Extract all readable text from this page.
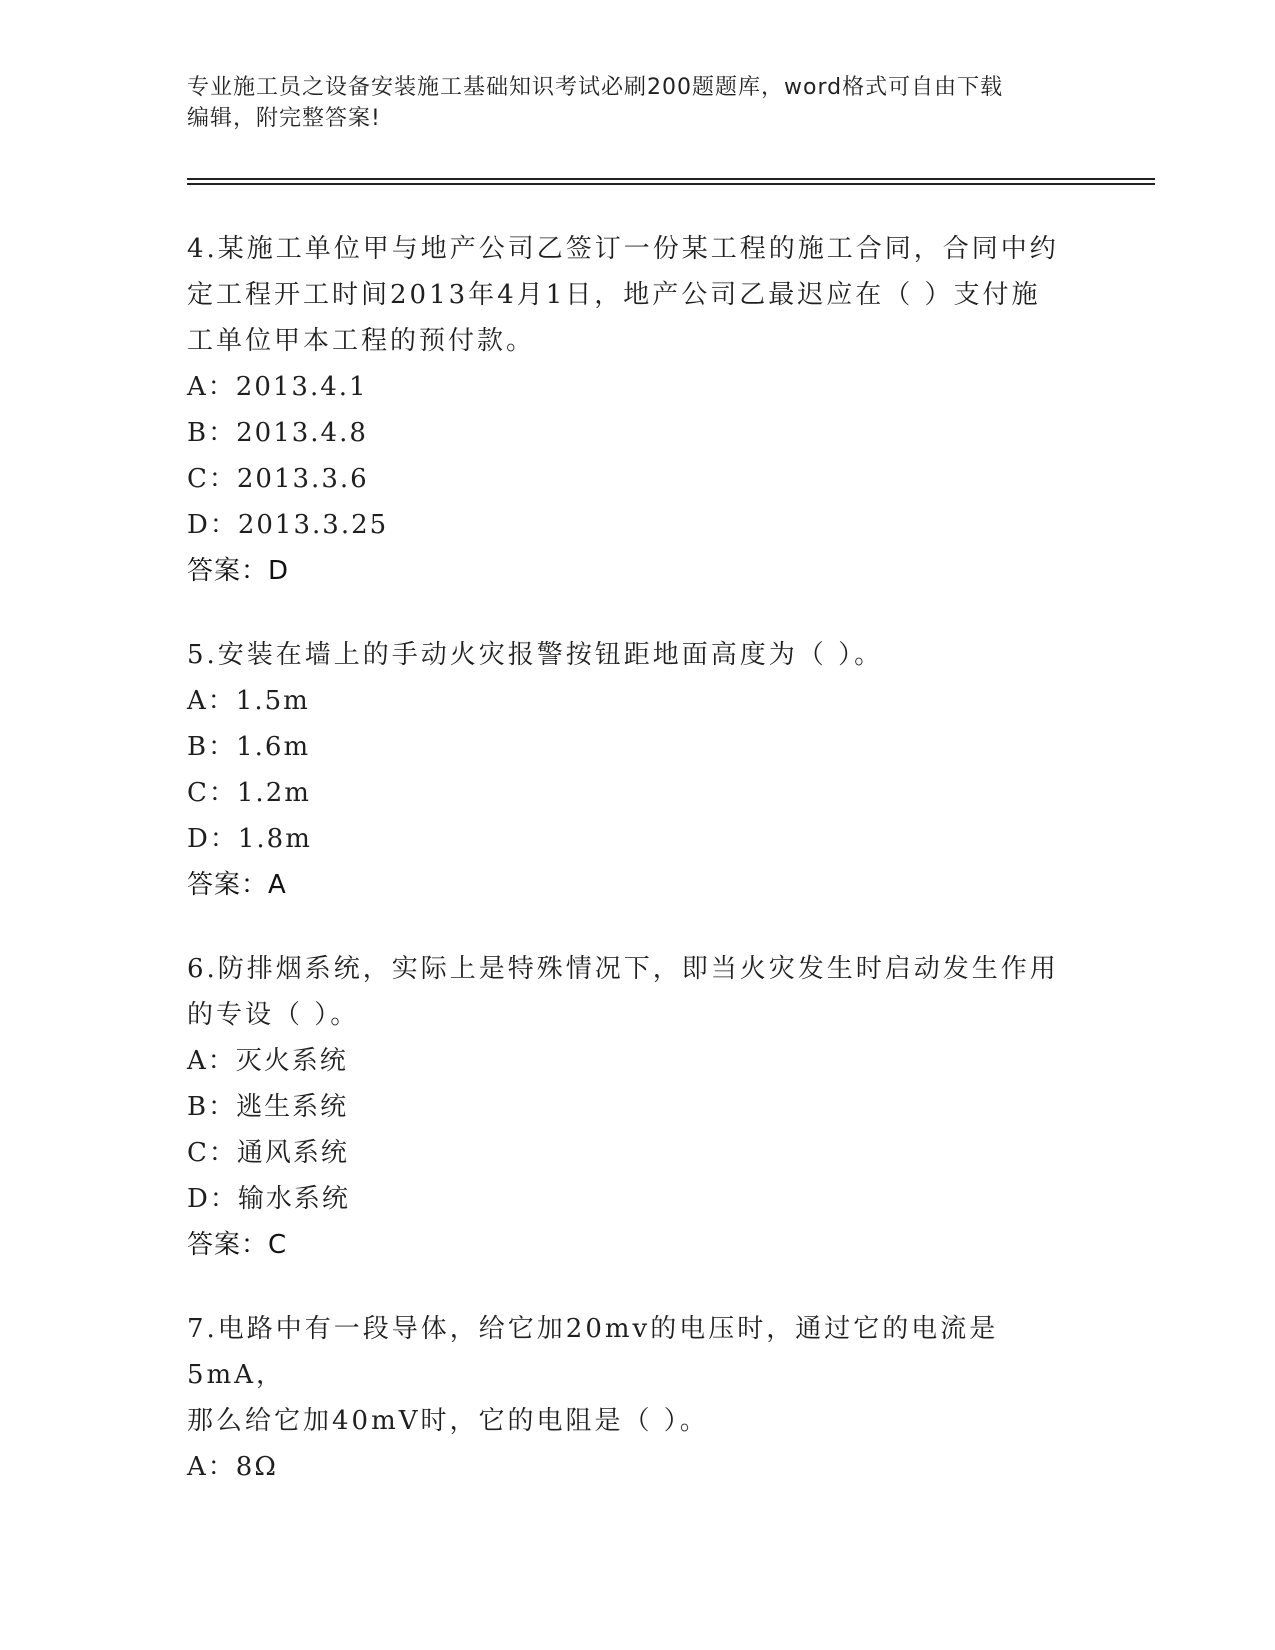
专业施工员之设备安装施工基础知识考试必刷200题题库，word格式可自由下载
编辑，附完整答案!
4.某施工单位甲与地产公司乙签订一份某工程的施工合同，合同中约
定工程开工时间2013年4月1日，地产公司乙最迟应在（ ）支付施
工单位甲本工程的预付款。
A：2013.4.1
B：2013.4.8
C：2013.3.6
D：2013.3.25
答案：D
5.安装在墙上的手动火灾报警按钮距地面高度为（ ）。
A：1.5m
B：1.6m
C：1.2m
D：1.8m
答案：A
6.防排烟系统，实际上是特殊情况下，即当火灾发生时启动发生作用
的专设（ ）。
A：灭火系统
B：逃生系统
C：通风系统
D：输水系统
答案：C
7.电路中有一段导体，给它加20mv的电压时，通过它的电流是5mA，
那么给它加40mV时，它的电阻是（ ）。
A：8Ω
